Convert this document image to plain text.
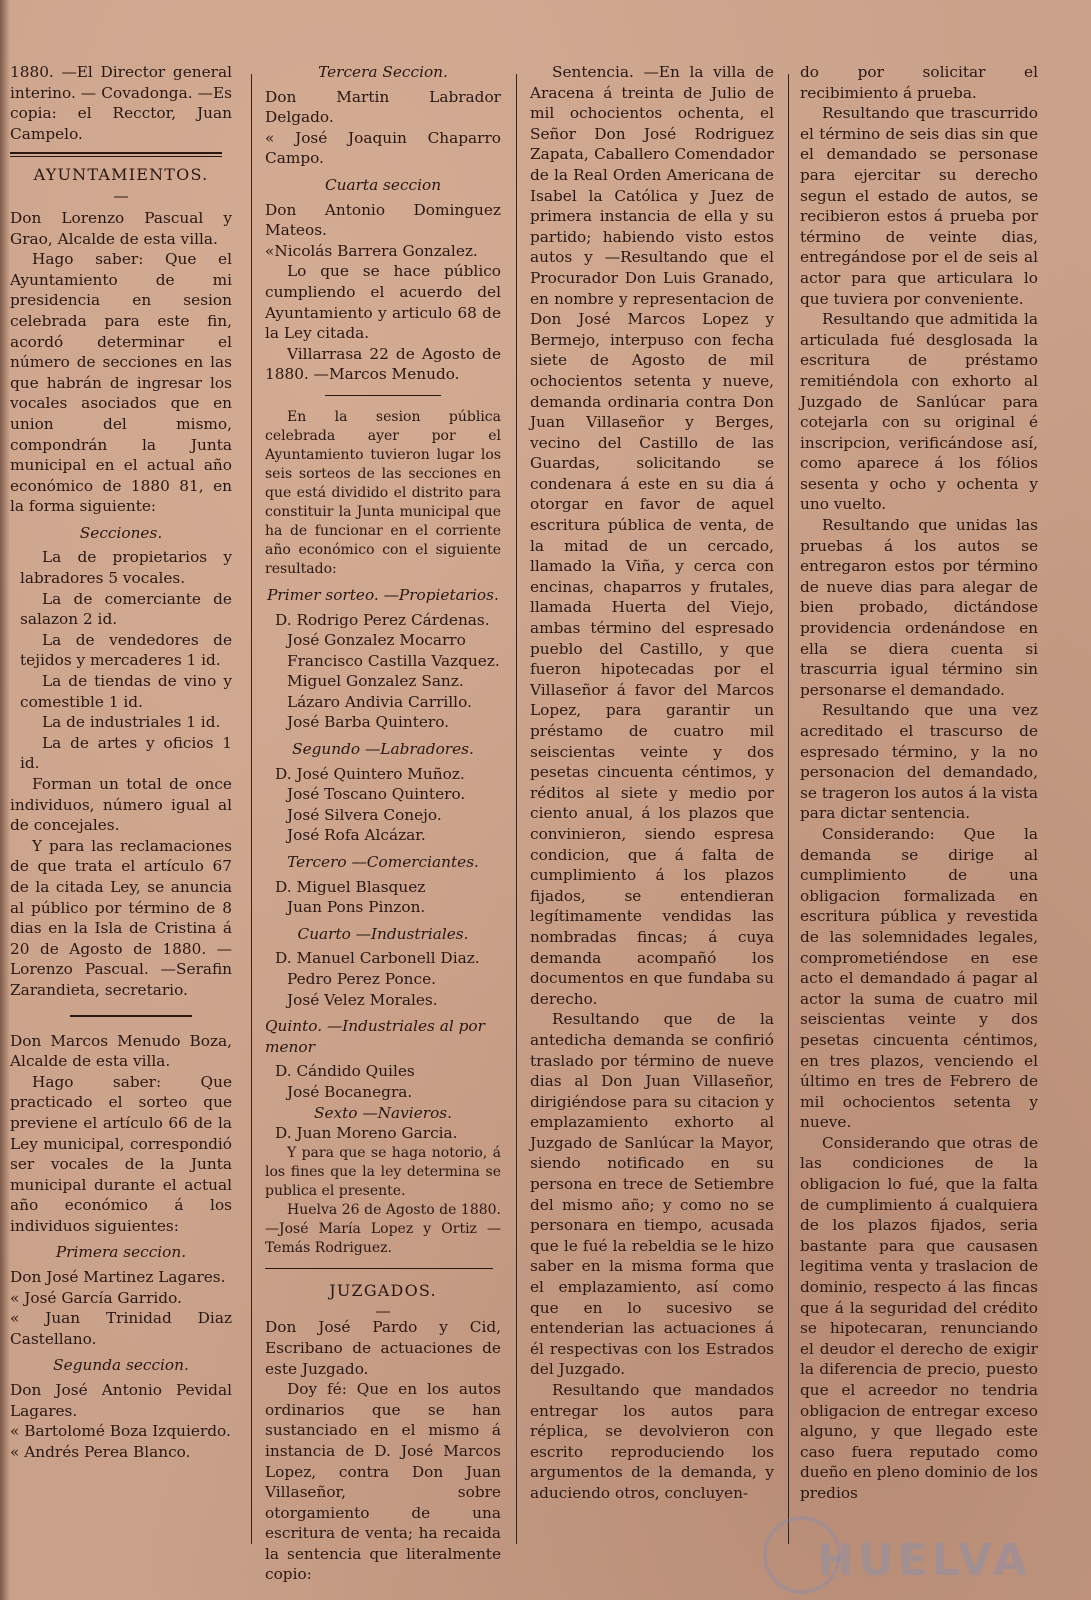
1880. —El Director general interino. — Covadonga. —Es copia: el Recctor, Juan Campelo.

AYUNTAMIENTOS.

—

Don Lorenzo Pascual y Grao, Alcalde de esta villa.

Hago saber: Que el Ayuntamiento de mi presidencia en sesion celebrada para este fin, acordó determinar el número de secciones en las que habrán de ingresar los vocales asociados que en union del mismo, compondrán la Junta municipal en el actual año económico de 1880 81, en la forma siguiente:

Secciones.

La de propietarios y labradores 5 vocales.

La de comerciante de salazon 2 id.

La de vendedores de tejidos y mercaderes 1 id.

La de tiendas de vino y comestible 1 id.

La de industriales 1 id.

La de artes y oficios 1 id.

Forman un total de once individuos, número igual al de concejales.

Y para las reclamaciones de que trata el artículo 67 de la citada Ley, se anuncia al público por término de 8 dias en la Isla de Cristina á 20 de Agosto de 1880. —Lorenzo Pascual. —Serafin Zarandieta, secretario.

Don Marcos Menudo Boza, Alcalde de esta villa.

Hago saber: Que practicado el sorteo que previene el artículo 66 de la Ley municipal, correspondió ser vocales de la Junta municipal durante el actual año económico á los individuos siguientes:

Primera seccion.

Don José Martinez Lagares.

« José García Garrido.

« Juan Trinidad Diaz Castellano.

Segunda seccion.

Don José Antonio Pevidal Lagares.

« Bartolomé Boza Izquierdo.

« Andrés Perea Blanco.

Tercera Seccion.

Don Martin Labrador Delgado.

« José Joaquin Chaparro Campo.

Cuarta seccion

Don Antonio Dominguez Mateos.

«Nicolás Barrera Gonzalez.

Lo que se hace público cumpliendo el acuerdo del Ayuntamiento y articulo 68 de la Ley citada.

Villarrasa 22 de Agosto de 1880. —Marcos Menudo.

En la sesion pública celebrada ayer por el Ayuntamiento tuvieron lugar los seis sorteos de las secciones en que está dividido el distrito para constituir la Junta municipal que ha de funcionar en el corriente año económico con el siguiente resultado:

Primer sorteo. —Propietarios.

D. Rodrigo Perez Cárdenas.

José Gonzalez Mocarro

Francisco Castilla Vazquez.

Miguel Gonzalez Sanz.

Lázaro Andivia Carrillo.

José Barba Quintero.

Segundo —Labradores.

D. José Quintero Muñoz.

José Toscano Quintero.

José Silvera Conejo.

José Rofa Alcázar.

Tercero —Comerciantes.

D. Miguel Blasquez

Juan Pons Pinzon.

Cuarto —Industriales.

D. Manuel Carbonell Diaz.

Pedro Perez Ponce.

José Velez Morales.

Quinto. —Industriales al por menor

D. Cándido Quiles

José Bocanegra.

Sexto —Navieros.

D. Juan Moreno Garcia.

Y para que se haga notorio, á los fines que la ley determina se publica el presente.

Huelva 26 de Agosto de 1880. —José María Lopez y Ortiz — Temás Rodriguez.

JUZGADOS.

—

Don José Pardo y Cid, Escribano de actuaciones de este Juzgado.

Doy fé: Que en los autos ordinarios que se han sustanciado en el mismo á instancia de D. José Marcos Lopez, contra Don Juan Villaseñor, sobre otorgamiento de una escritura de venta; ha recaida la sentencia que literalmente copio:

Sentencia. —En la villa de Aracena á treinta de Julio de mil ochocientos ochenta, el Señor Don José Rodriguez Zapata, Caballero Comendador de la Real Orden Americana de Isabel la Católica y Juez de primera instancia de ella y su partido; habiendo visto estos autos y —Resultando que el Procurador Don Luis Granado, en nombre y representacion de Don José Marcos Lopez y Bermejo, interpuso con fecha siete de Agosto de mil ochocientos setenta y nueve, demanda ordinaria contra Don Juan Villaseñor y Berges, vecino del Castillo de las Guardas, solicitando se condenara á este en su dia á otorgar en favor de aquel escritura pública de venta, de la mitad de un cercado, llamado la Viña, y cerca con encinas, chaparros y frutales, llamada Huerta del Viejo, ambas término del espresado pueblo del Castillo, y que fueron hipotecadas por el Villaseñor á favor del Marcos Lopez, para garantir un préstamo de cuatro mil seiscientas veinte y dos pesetas cincuenta céntimos, y réditos al siete y medio por ciento anual, á los plazos que convinieron, siendo espresa condicion, que á falta de cumplimiento á los plazos fijados, se entendieran legítimamente vendidas las nombradas fincas; á cuya demanda acompañó los documentos en que fundaba su derecho.

Resultando que de la antedicha demanda se confirió traslado por término de nueve dias al Don Juan Villaseñor, dirigiéndose para su citacion y emplazamiento exhorto al Juzgado de Sanlúcar la Mayor, siendo notificado en su persona en trece de Setiembre del mismo año; y como no se personara en tiempo, acusada que le fué la rebeldia se le hizo saber en la misma forma que el emplazamiento, así como que en lo sucesivo se entenderian las actuaciones á él respectivas con los Estrados del Juzgado.

Resultando que mandados entregar los autos para réplica, se devolvieron con escrito reproduciendo los argumentos de la demanda, y aduciendo otros, concluyen-

do por solicitar el recibimiento á prueba.

Resultando que trascurrido el término de seis dias sin que el demandado se personase para ejercitar su derecho segun el estado de autos, se recibieron estos á prueba por término de veinte dias, entregándose por el de seis al actor para que articulara lo que tuviera por conveniente.

Resultando que admitida la articulada fué desglosada la escritura de préstamo remitiéndola con exhorto al Juzgado de Sanlúcar para cotejarla con su original é inscripcion, verificándose así, como aparece á los fólios sesenta y ocho y ochenta y uno vuelto.

Resultando que unidas las pruebas á los autos se entregaron estos por término de nueve dias para alegar de bien probado, dictándose providencia ordenándose en ella se diera cuenta si trascurria igual término sin personarse el demandado.

Resultando que una vez acreditado el trascurso de espresado término, y la no personacion del demandado, se trageron los autos á la vista para dictar sentencia.

Considerando: Que la demanda se dirige al cumplimiento de una obligacion formalizada en escritura pública y revestida de las solemnidades legales, comprometiéndose en ese acto el demandado á pagar al actor la suma de cuatro mil seiscientas veinte y dos pesetas cincuenta céntimos, en tres plazos, venciendo el último en tres de Febrero de mil ochocientos setenta y nueve.

Considerando que otras de las condiciones de la obligacion lo fué, que la falta de cumplimiento á cualquiera de los plazos fijados, seria bastante para que causasen legitima venta y traslacion de dominio, respecto á las fincas que á la seguridad del crédito se hipotecaran, renunciando el deudor el derecho de exigir la diferencia de precio, puesto que el acreedor no tendria obligacion de entregar exceso alguno, y que llegado este caso fuera reputado como dueño en pleno dominio de los predios

HUELVA
